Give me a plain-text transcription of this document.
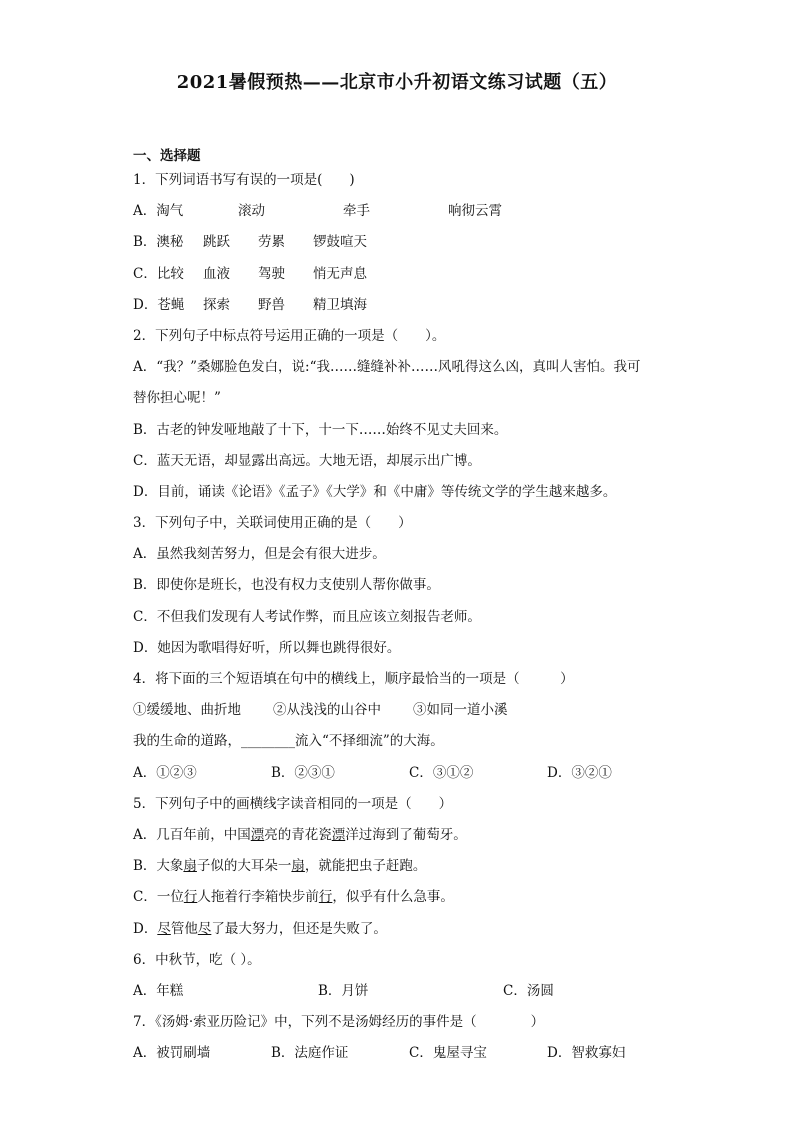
2021暑假预热——北京市小升初语文练习试题（五）
一、选择题
1．下列词语书写有误的一项是(　　)
A．淘气	滚动	牵手	响彻云霄
B．澳秘 跳跃 劳累 锣鼓喧天
C．比较 血液 驾驶 悄无声息
D．苍蝇 探索 野兽 精卫填海
2．下列句子中标点符号运用正确的一项是（　　）。
A．“我？”桑娜脸色发白，说:“我……缝缝补补……风吼得这么凶，真叫人害怕。我可
替你担心呢！”
B．古老的钟发哑地敲了十下，十一下……始终不见丈夫回来。
C．蓝天无语，却显露出高远。大地无语，却展示出广博。
D．目前，诵读《论语》《孟子》《大学》和《中庸》等传统文学的学生越来越多。
3．下列句子中，关联词使用正确的是（　　）
A．虽然我刻苦努力，但是会有很大进步。
B．即使你是班长，也没有权力支使别人帮你做事。
C．不但我们发现有人考试作弊，而且应该立刻报告老师。
D．她因为歌唱得好听，所以舞也跳得很好。
4．将下面的三个短语填在句中的横线上，顺序最恰当的一项是（　　　）
①缓缓地、曲折地 ②从浅浅的山谷中 ③如同一道小溪
我的生命的道路，________流入“不择细流”的大海。
A．①②③	B．②③①	C．③①②	D．③②①
5．下列句子中的画横线字读音相同的一项是（　　）
A．几百年前，中国漂亮的青花瓷漂洋过海到了葡萄牙。
B．大象扇子似的大耳朵一扇，就能把虫子赶跑。
C．一位行人拖着行李箱快步前行，似乎有什么急事。
D．尽管他尽了最大努力，但还是失败了。
6．中秋节，吃（ ）。
A．年糕	B．月饼	C．汤圆
7．《汤姆·索亚历险记》中，下列不是汤姆经历的事件是（　　　　）
A．被罚刷墙	B．法庭作证	C．鬼屋寻宝	D．智救寡妇
